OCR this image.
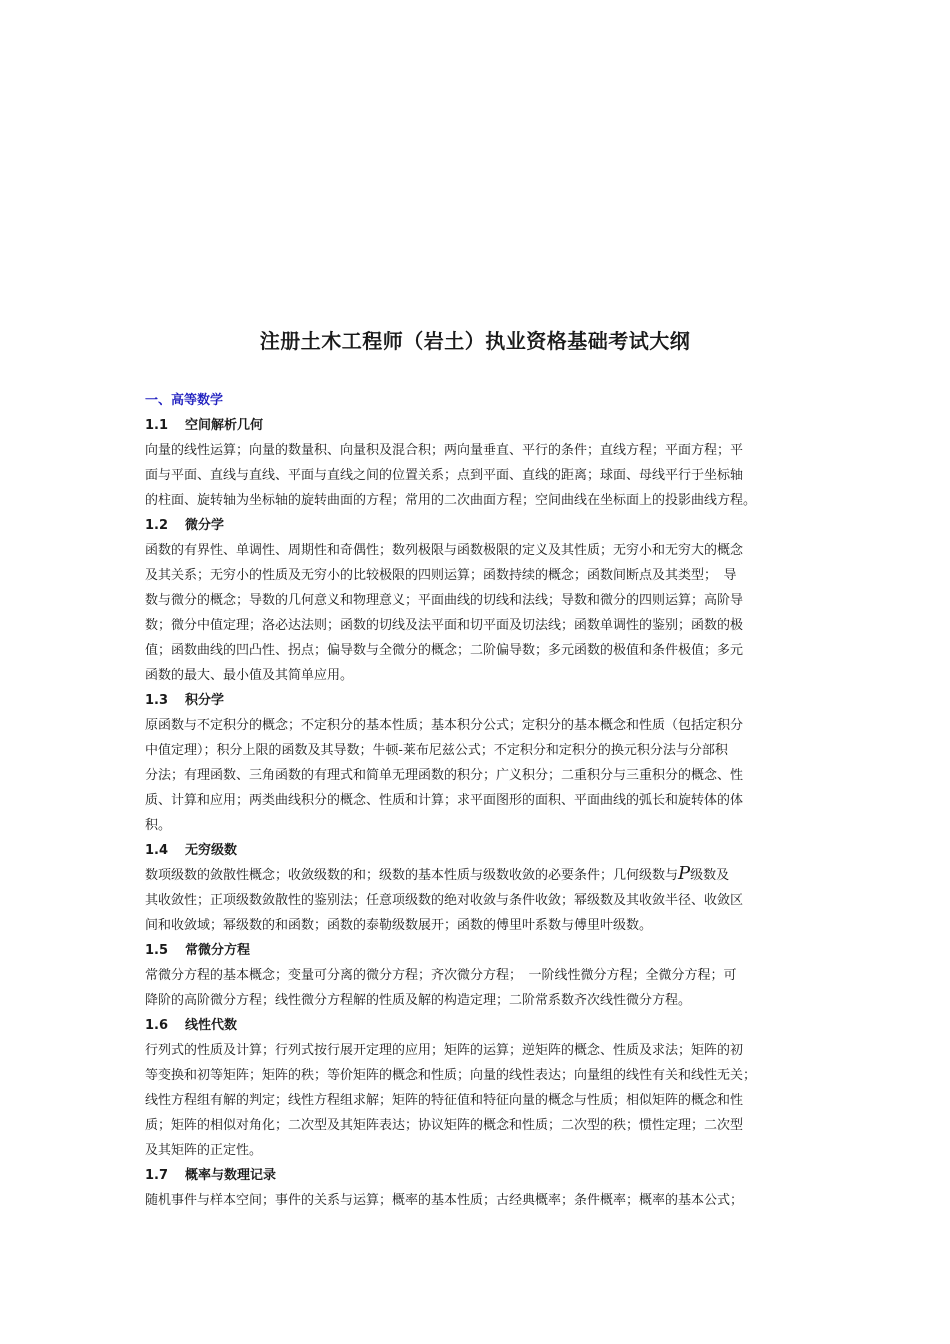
注册土木工程师（岩土）执业资格基础考试大纲
一、高等数学
1.1 空间解析几何
向量的线性运算；向量的数量积、向量积及混合积；两向量垂直、平行的条件；直线方程；平面方程；平
面与平面、直线与直线、平面与直线之间的位置关系；点到平面、直线的距离；球面、母线平行于坐标轴
的柱面、旋转轴为坐标轴的旋转曲面的方程；常用的二次曲面方程；空间曲线在坐标面上的投影曲线方程。
1.2 微分学
函数的有界性、单调性、周期性和奇偶性；数列极限与函数极限的定义及其性质；无穷小和无穷大的概念
及其关系；无穷小的性质及无穷小的比较极限的四则运算；函数持续的概念；函数间断点及其类型；　导
数与微分的概念；导数的几何意义和物理意义；平面曲线的切线和法线；导数和微分的四则运算；高阶导
数；微分中值定理；洛必达法则；函数的切线及法平面和切平面及切法线；函数单调性的鉴别；函数的极
值；函数曲线的凹凸性、拐点；偏导数与全微分的概念；二阶偏导数；多元函数的极值和条件极值；多元
函数的最大、最小值及其简单应用。
1.3 积分学
原函数与不定积分的概念；不定积分的基本性质；基本积分公式；定积分的基本概念和性质（包括定积分
中值定理）；积分上限的函数及其导数；牛顿-莱布尼兹公式；不定积分和定积分的换元积分法与分部积
分法；有理函数、三角函数的有理式和简单无理函数的积分；广义积分；二重积分与三重积分的概念、性
质、计算和应用；两类曲线积分的概念、性质和计算；求平面图形的面积、平面曲线的弧长和旋转体的体
积。
1.4 无穷级数
数项级数的敛散性概念；收敛级数的和；级数的基本性质与级数收敛的必要条件；几何级数与P级数及
其收敛性；正项级数敛散性的鉴别法；任意项级数的绝对收敛与条件收敛；幂级数及其收敛半径、收敛区
间和收敛域；幂级数的和函数；函数的泰勒级数展开；函数的傅里叶系数与傅里叶级数。
1.5 常微分方程
常微分方程的基本概念；变量可分离的微分方程；齐次微分方程；　一阶线性微分方程；全微分方程；可
降阶的高阶微分方程；线性微分方程解的性质及解的构造定理；二阶常系数齐次线性微分方程。
1.6 线性代数
行列式的性质及计算；行列式按行展开定理的应用；矩阵的运算；逆矩阵的概念、性质及求法；矩阵的初
等变换和初等矩阵；矩阵的秩；等价矩阵的概念和性质；向量的线性表达；向量组的线性有关和线性无关；
线性方程组有解的判定；线性方程组求解；矩阵的特征值和特征向量的概念与性质；相似矩阵的概念和性
质；矩阵的相似对角化；二次型及其矩阵表达；协议矩阵的概念和性质；二次型的秩；惯性定理；二次型
及其矩阵的正定性。
1.7 概率与数理记录
随机事件与样本空间；事件的关系与运算；概率的基本性质；古经典概率；条件概率；概率的基本公式；
